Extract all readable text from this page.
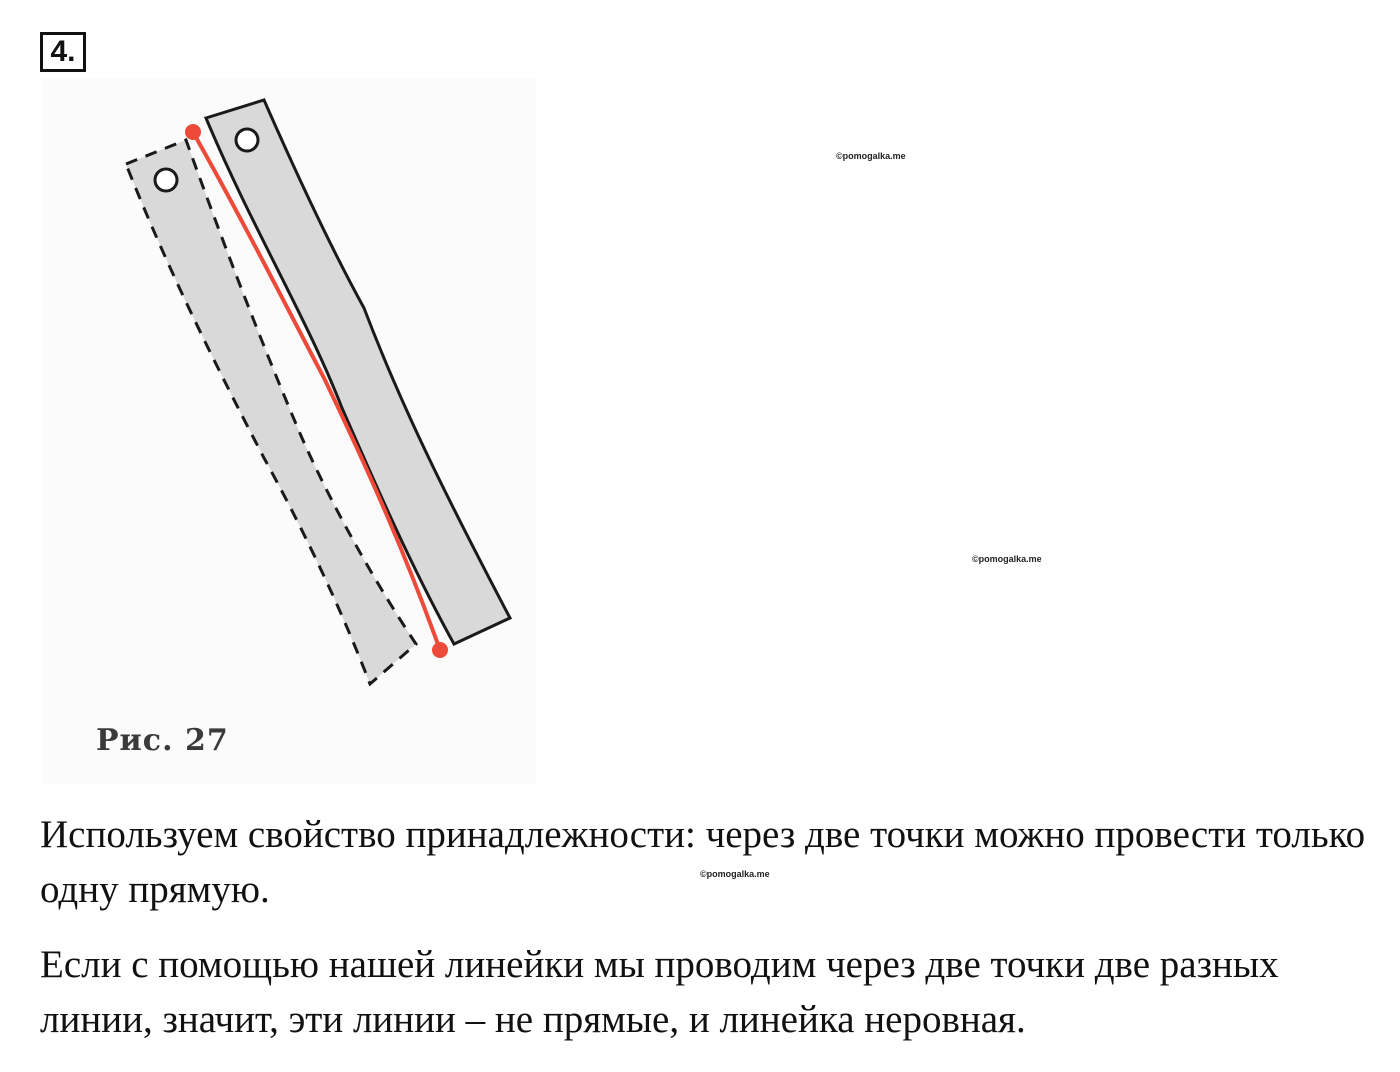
4.
Рис. 27
©pomogalka.me
©pomogalka.me
©pomogalka.me

Используем свойство принадлежности: через две точки можно провести только одну прямую.

Если с помощью нашей линейки мы проводим через две точки две разных линии, значит, эти линии – не прямые, и линейка неровная.
